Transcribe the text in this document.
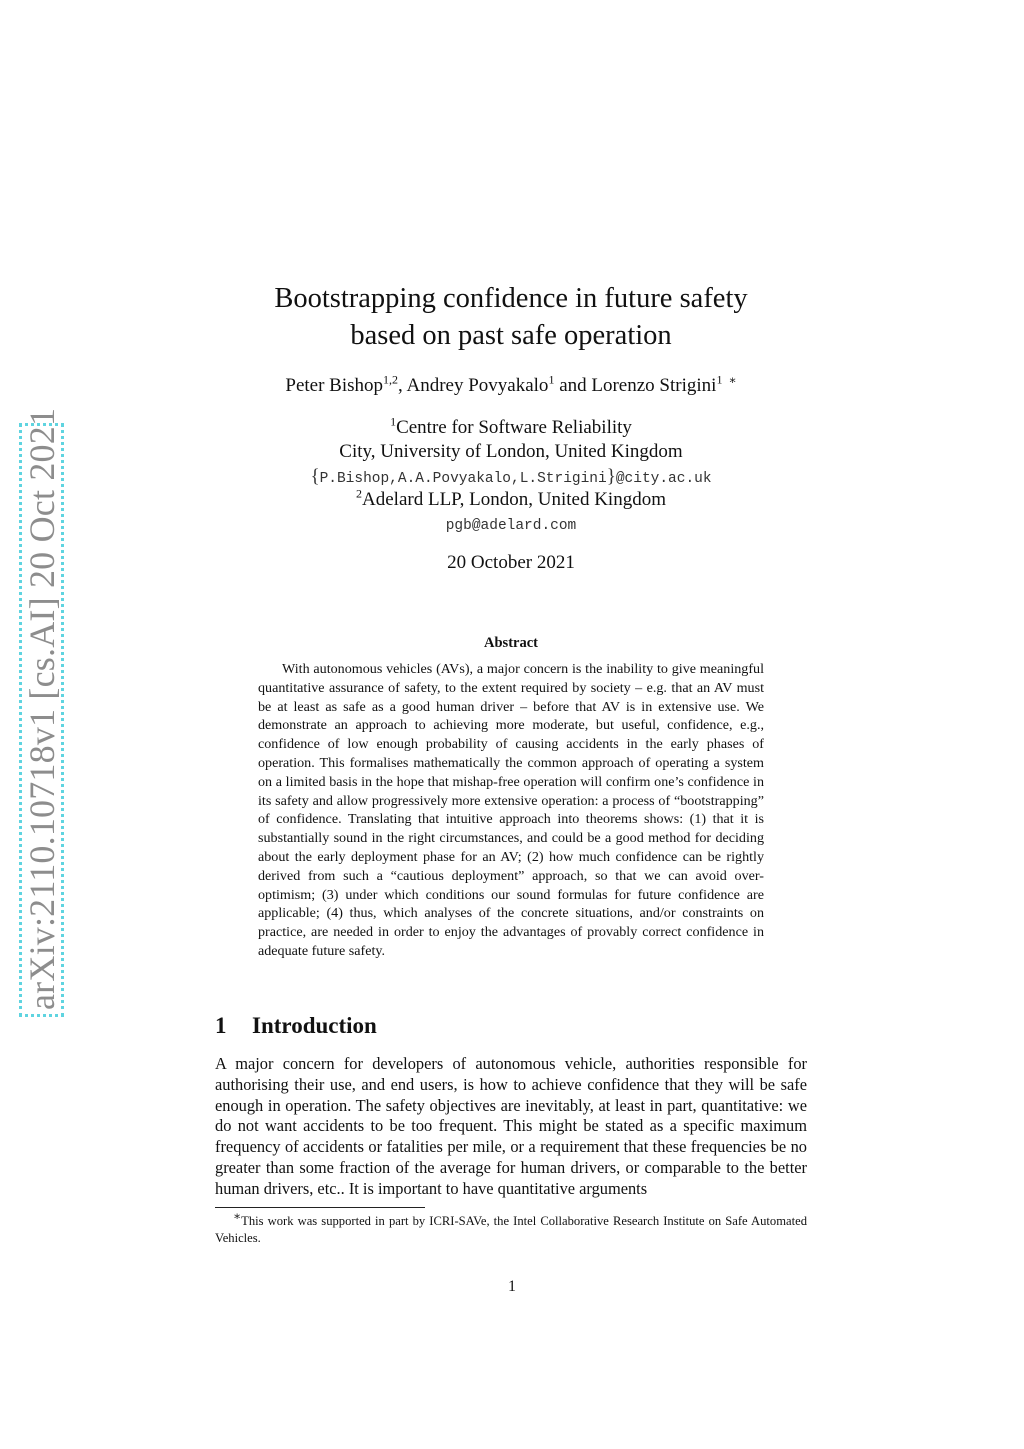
arXiv:2110.10718v1 [cs.AI] 20 Oct 2021
Bootstrapping confidence in future safety
based on past safe operation
Peter Bishop$^{1,2}$, Andrey Povyakalo$^1$ and Lorenzo Strigini$^1$ ∗
$^1$Centre for Software Reliability
City, University of London, United Kingdom
{P.Bishop,A.A.Povyakalo,L.Strigini}@city.ac.uk
$^2$Adelard LLP, London, United Kingdom
pgb@adelard.com
20 October 2021
Abstract
With autonomous vehicles (AVs), a major concern is the inability to give meaningful quantitative assurance of safety, to the extent required by society – e.g. that an AV must be at least as safe as a good human driver – before that AV is in extensive use. We demonstrate an approach to achieving more moderate, but useful, confidence, e.g., confidence of low enough probability of causing accidents in the early phases of operation. This formalises mathematically the common approach of operating a system on a limited basis in the hope that mishap-free operation will confirm one’s confidence in its safety and allow progressively more extensive operation: a process of “bootstrapping” of confidence. Translating that intuitive approach into theorems shows: (1) that it is substantially sound in the right circumstances, and could be a good method for deciding about the early deployment phase for an AV; (2) how much confidence can be rightly derived from such a “cautious deployment” approach, so that we can avoid over-optimism; (3) under which conditions our sound formulas for future confidence are applicable; (4) thus, which analyses of the concrete situations, and/or constraints on practice, are needed in order to enjoy the advantages of provably correct confidence in adequate future safety.
1 Introduction
A major concern for developers of autonomous vehicle, authorities responsible for authorising their use, and end users, is how to achieve confidence that they will be safe enough in operation. The safety objectives are inevitably, at least in part, quantitative: we do not want accidents to be too frequent. This might be stated as a specific maximum frequency of accidents or fatalities per mile, or a requirement that these frequencies be no greater than some fraction of the average for human drivers, or comparable to the better human drivers, etc.. It is important to have quantitative arguments
∗This work was supported in part by ICRI-SAVe, the Intel Collaborative Research Institute on Safe Automated Vehicles.
1
